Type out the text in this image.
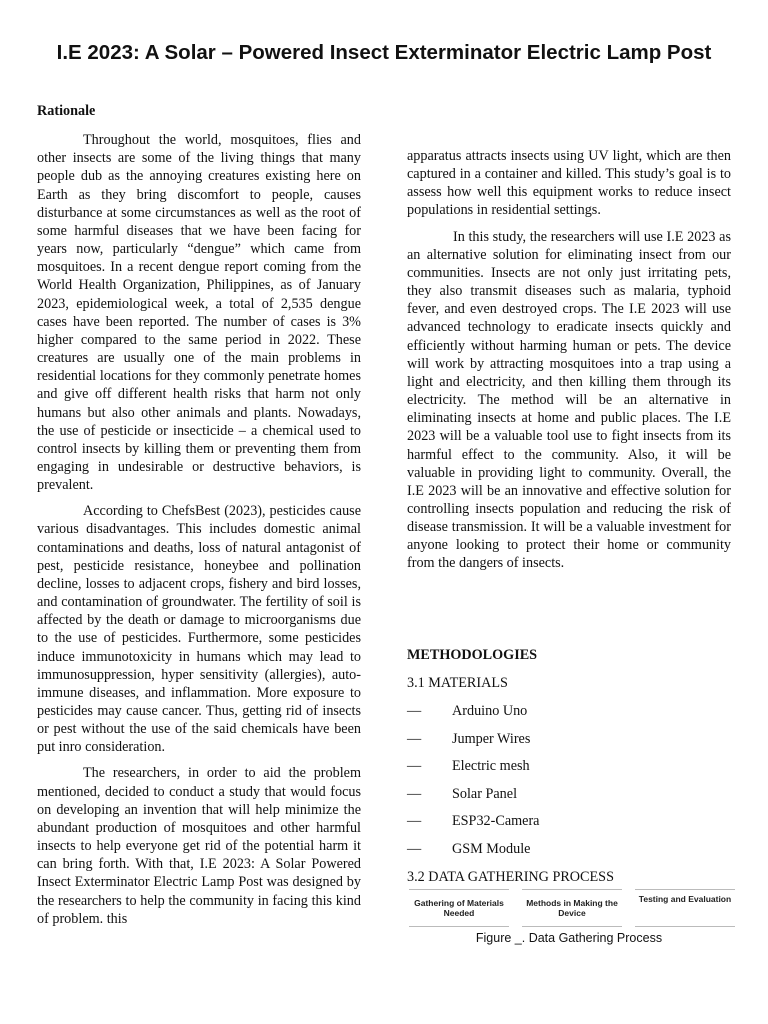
I.E 2023: A Solar – Powered Insect Exterminator Electric Lamp Post

Rationale

Throughout the world, mosquitoes, flies and other insects are some of the living things that many people dub as the annoying creatures existing here on Earth as they bring discomfort to people, causes disturbance at some circumstances as well as the root of some harmful diseases that we have been facing for years now, particularly “dengue” which came from mosquitoes. In a recent dengue report coming from the World Health Organization, Philippines, as of January 2023, epidemiological week, a total of 2,535 dengue cases have been reported. The number of cases is 3% higher compared to the same period in 2022. These creatures are usually one of the main problems in residential locations for they commonly penetrate homes and give off different health risks that harm not only humans but also other animals and plants. Nowadays, the use of pesticide or insecticide – a chemical used to control insects by killing them or preventing them from engaging in undesirable or destructive behaviors, is prevalent.

According to ChefsBest (2023), pesticides cause various disadvantages. This includes domestic animal contaminations and deaths, loss of natural antagonist of pest, pesticide resistance, honeybee and pollination decline, losses to adjacent crops, fishery and bird losses, and contamination of groundwater. The fertility of soil is affected by the death or damage to microorganisms due to the use of pesticides. Furthermore, some pesticides induce immunotoxicity in humans which may lead to immunosuppression, hyper sensitivity (allergies), auto-immune diseases, and inflammation. More exposure to pesticides may cause cancer. Thus, getting rid of insects or pest without the use of the said chemicals have been put inro consideration.

The researchers, in order to aid the problem mentioned, decided to conduct a study that would focus on developing an invention that will help minimize the abundant production of mosquitoes and other harmful insects to help everyone get rid of the potential harm it can bring forth. With that, I.E 2023: A Solar Powered Insect Exterminator Electric Lamp Post was designed by the researchers to help the community in facing this kind of problem. this

apparatus attracts insects using UV light, which are then captured in a container and killed. This study’s goal is to assess how well this equipment works to reduce insect populations in residential settings.

In this study, the researchers will use I.E 2023 as an alternative solution for eliminating insect from our communities. Insects are not only just irritating pets, they also transmit diseases such as malaria, typhoid fever, and even destroyed crops. The I.E 2023 will use advanced technology to eradicate insects quickly and efficiently without harming human or pets. The device will work by attracting mosquitoes into a trap using a light and electricity, and then killing them through its electricity. The method will be an alternative in eliminating insects at home and public places. The I.E 2023 will be a valuable tool use to fight insects from its harmful effect to the community. Also, it will be valuable in providing light to community. Overall, the I.E 2023 will be an innovative and effective solution for controlling insects population and reducing the risk of disease transmission. It will be a valuable investment for anyone looking to protect their home or community from the dangers of insects.

METHODOLOGIES
3.1 MATERIALS
—	Arduino Uno
—	Jumper Wires
—	Electric mesh
—	Solar Panel
—	ESP32-Camera
—	GSM Module
3.2 DATA GATHERING PROCESS
Gathering of Materials Needed
Methods in Making the Device
Testing and Evaluation
Figure _. Data Gathering Process
